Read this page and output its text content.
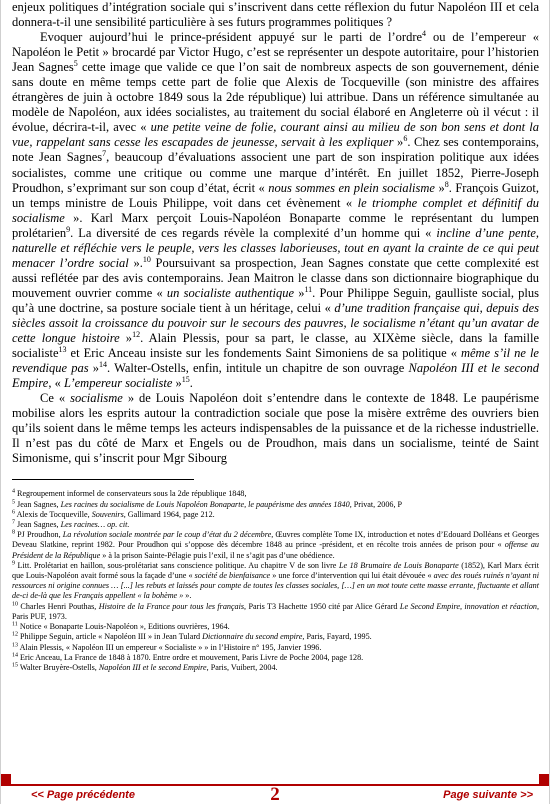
enjeux politiques d’intégration sociale qui s’inscrivent dans cette réflexion du futur Napoléon III et cela donnera-t-il une sensibilité particulière à ses futurs programmes politiques ?

Evoquer aujourd’hui le prince-président appuyé sur le parti de l’ordre$^4$ ou de l’empereur « Napoléon le Petit » brocardé par Victor Hugo, c’est se représenter un despote autoritaire, pour l’historien Jean Sagnes$^5$ cette image que valide ce que l’on sait de nombreux aspects de son gouvernement, dénie sans doute en même temps cette part de folie que Alexis de Tocqueville (son ministre des affaires étrangères de juin à octobre 1849 sous la 2de république) lui attribue. Dans un référence simultanée au modèle de Napoléon, aux idées socialistes, au traitement du social élaboré en Angleterre où il vécut : il évolue, décrira-t-il, avec « une petite veine de folie, courant ainsi au milieu de son bon sens et dont la vue, rappelant sans cesse les escapades de jeunesse, servait à les expliquer »$^6$. Chez ses contemporains, note Jean Sagnes$^7$, beaucoup d’évaluations associent une part de son inspiration politique aux idées socialistes, comme une critique ou comme une marque d’intérêt. En juillet 1852, Pierre-Joseph Proudhon, s’exprimant sur son coup d’état, écrit « nous sommes en plein socialisme »$^8$. François Guizot, un temps ministre de Louis Philippe, voit dans cet évènement « le triomphe complet et définitif du socialisme ». Karl Marx perçoit Louis-Napoléon Bonaparte comme le représentant du lumpen prolétarien$^9$. La diversité de ces regards révèle la complexité d’un homme qui « incline d’une pente, naturelle et réfléchie vers le peuple, vers les classes laborieuses, tout en ayant la crainte de ce qui peut menacer l’ordre social ».$^{10}$ Poursuivant sa prospection, Jean Sagnes constate que cette complexité est aussi reflétée par des avis contemporains. Jean Maitron le classe dans son dictionnaire biographique du mouvement ouvrier comme « un socialiste authentique »$^{11}$. Pour Philippe Seguin, gaulliste social, plus qu’à une doctrine, sa posture sociale tient à un héritage, celui « d’une tradition française qui, depuis des siècles assoit la croissance du pouvoir sur le secours des pauvres, le socialisme n’étant qu’un avatar de cette longue histoire »$^{12}$. Alain Plessis, pour sa part, le classe, au XIXème siècle, dans la famille socialiste$^{13}$ et Eric Anceau insiste sur les fondements Saint Simoniens de sa politique « même s’il ne le revendique pas »$^{14}$. Walter-Ostells, enfin, intitule un chapitre de son ouvrage Napoléon III et le second Empire, « L’empereur socialiste »$^{15}$.

Ce « socialisme » de Louis Napoléon doit s’entendre dans le contexte de 1848. Le paupérisme mobilise alors les esprits autour la contradiction sociale que pose la misère extrême des ouvriers bien qu’ils soient dans le même temps les acteurs indispensables de la puissance et de la richesse industrielle. Il n’est pas du côté de Marx et Engels ou de Proudhon, mais dans un socialisme, teinté de Saint Simonisme, qui s’inscrit pour Mgr Sibourg

$^4$ Regroupement informel de conservateurs sous la 2de république 1848,

$^5$ Jean Sagnes, Les racines du socialisme de Louis Napoléon Bonaparte, le paupérisme des années 1840, Privat, 2006, P

$^6$ Alexis de Tocqueville, Souvenirs, Gallimard 1964, page 212.

$^7$ Jean Sagnes, Les racines… op. cit.

$^8$ PJ Proudhon, La révolution sociale montrée par le coup d’état du 2 décembre, Œuvres complète Tome IX, introduction et notes d’Edouard Dolléans et Georges Deveau Slatkine, reprint 1982. Pour Proudhon qui s’oppose dès décembre 1848 au prince -président, et en récolte trois années de prison pour « offense au Président de la République » à la prison Sainte-Pélagie puis l’exil, il ne s’agit pas d’une obédience.

$^9$ Litt. Prolétariat en haillon, sous-prolétariat sans conscience politique. Au chapitre V de son livre Le 18 Brumaire de Louis Bonaparte (1852), Karl Marx écrit que Louis-Napoléon avait formé sous la façade d’une « société de bienfaisance » une force d’intervention qui lui était dévouée « avec des roués ruinés n’ayant ni ressources ni origine connues … [...] les rebuts et laissés pour compte de toutes les classes sociales, […] en un mot toute cette masse errante, fluctuante et allant de-ci de-là que les Français appellent « la bohème » ».

$^{10}$ Charles Henri Pouthas, Histoire de la France pour tous les français, Paris T3 Hachette 1950 cité par Alice Gérard Le Second Empire, innovation et réaction, Paris PUF, 1973.

$^{11}$ Notice « Bonaparte Louis-Napoléon », Editions ouvrières, 1964.

$^{12}$ Philippe Seguin, article « Napoléon III » in Jean Tulard Dictionnaire du second empire, Paris, Fayard, 1995.

$^{13}$ Alain Plessis, « Napoléon III un empereur « Socialiste » » in l’Histoire n° 195, Janvier 1996.

$^{14}$ Eric Anceau, La France de 1848 à 1870. Entre ordre et mouvement, Paris Livre de Poche 2004, page 128.

$^{15}$ Walter Bruyère-Ostells, Napoléon III et le second Empire, Paris, Vuibert, 2004.

<< Page précédente	2	Page suivante >>
